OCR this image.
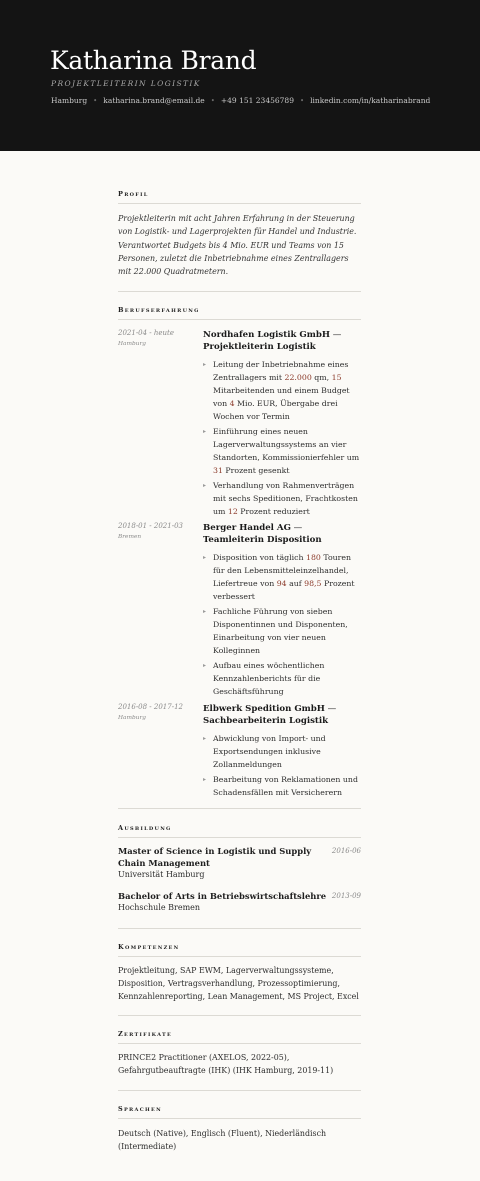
Katharina Brand
PROJEKTLEITERIN LOGISTIK
Hamburg • katharina.brand@email.de • +49 151 23456789 • linkedin.com/in/katharinabrand
Profil
Projektleiterin mit acht Jahren Erfahrung in der Steuerung von Logistik- und Lagerprojekten für Handel und Industrie. Verantwortet Budgets bis 4 Mio. EUR und Teams von 15 Personen, zuletzt die Inbetriebnahme eines Zentrallagers mit 22.000 Quadratmetern.
Berufserfahrung
2021-04 - heute
Hamburg
Nordhafen Logistik GmbH — Projektleiterin Logistik
▸ Leitung der Inbetriebnahme eines Zentrallagers mit 22.000 qm, 15 Mitarbeitenden und einem Budget von 4 Mio. EUR, Übergabe drei Wochen vor Termin
▸ Einführung eines neuen Lagerverwaltungssystems an vier Standorten, Kommissionierfehler um 31 Prozent gesenkt
▸ Verhandlung von Rahmenverträgen mit sechs Speditionen, Frachtkosten um 12 Prozent reduziert
2018-01 - 2021-03
Bremen
Berger Handel AG — Teamleiterin Disposition
▸ Disposition von täglich 180 Touren für den Lebensmitteleinzelhandel, Liefertreue von 94 auf 98,5 Prozent verbessert
▸ Fachliche Führung von sieben Disponentinnen und Disponenten, Einarbeitung von vier neuen Kolleginnen
▸ Aufbau eines wöchentlichen Kennzahlenberichts für die Geschäftsführung
2016-08 - 2017-12
Hamburg
Elbwerk Spedition GmbH — Sachbearbeiterin Logistik
▸ Abwicklung von Import- und Exportsendungen inklusive Zollanmeldungen
▸ Bearbeitung von Reklamationen und Schadensfällen mit Versicherern
Ausbildung
Master of Science in Logistik und Supply Chain Management
Universität Hamburg
2016-06
Bachelor of Arts in Betriebswirtschaftslehre
Hochschule Bremen
2013-09
Kompetenzen
Projektleitung, SAP EWM, Lagerverwaltungssysteme, Disposition, Vertragsverhandlung, Prozessoptimierung, Kennzahlenreporting, Lean Management, MS Project, Excel
Zertifikate
PRINCE2 Practitioner (AXELOS, 2022-05), Gefahrgutbeauftragte (IHK) (IHK Hamburg, 2019-11)
Sprachen
Deutsch (Native), Englisch (Fluent), Niederländisch (Intermediate)
